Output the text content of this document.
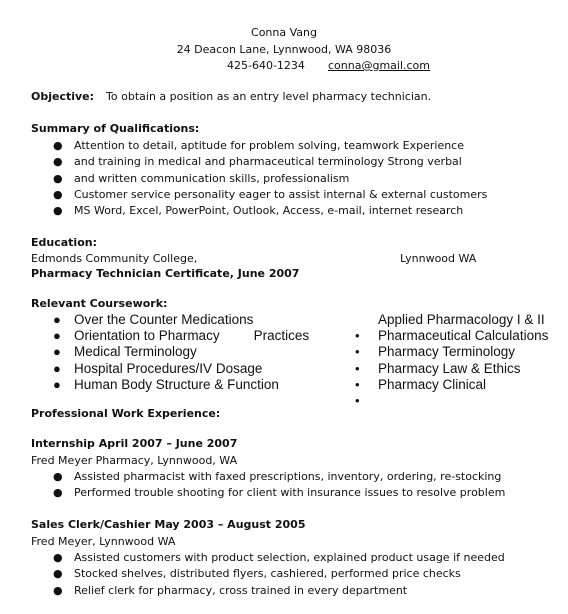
Conna Vang
24 Deacon Lane, Lynnwood, WA 98036
425-640-1234 conna@gmail.com
Objective: To obtain a position as an entry level pharmacy technician.
Summary of Qualifications:
● Attention to detail, aptitude for problem solving, teamwork Experience
● and training in medical and pharmaceutical terminology Strong verbal
● and written communication skills, professionalism
● Customer service personality eager to assist internal & external customers
● MS Word, Excel, PowerPoint, Outlook, Access, e-mail, internet research
Education:
Edmonds Community College,	Lynnwood WA
Pharmacy Technician Certificate, June 2007
Relevant Coursework:
● Over the Counter Medications
● Orientation to Pharmacy	Practices
● Medical Terminology
● Hospital Procedures/IV Dosage
● Human Body Structure & Function
Applied Pharmacology I & II
• Pharmaceutical Calculations
• Pharmacy Terminology
• Pharmacy Law & Ethics
• Pharmacy Clinical
•
Professional Work Experience:
Internship April 2007 – June 2007
Fred Meyer Pharmacy, Lynnwood, WA
● Assisted pharmacist with faxed prescriptions, inventory, ordering, re-stocking
● Performed trouble shooting for client with insurance issues to resolve problem
Sales Clerk/Cashier May 2003 – August 2005
Fred Meyer, Lynnwood WA
● Assisted customers with product selection, explained product usage if needed
● Stocked shelves, distributed flyers, cashiered, performed price checks
● Relief clerk for pharmacy, cross trained in every department
